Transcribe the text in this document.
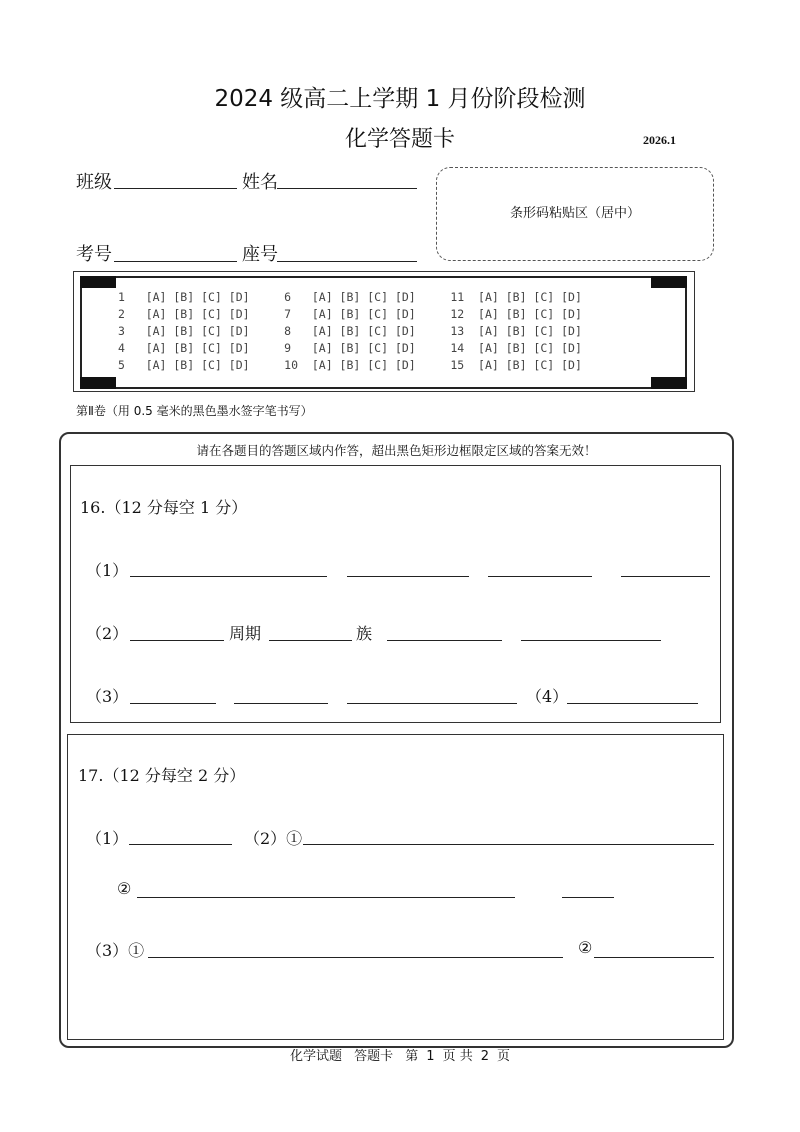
2024 级高二上学期 1 月份阶段检测
化学答题卡	2026.1
班级	姓名
考号	座号
条形码粘贴区（居中）
1   [A] [B] [C] [D]     6   [A] [B] [C] [D]     11  [A] [B] [C] [D]
2   [A] [B] [C] [D]     7   [A] [B] [C] [D]     12  [A] [B] [C] [D]
3   [A] [B] [C] [D]     8   [A] [B] [C] [D]     13  [A] [B] [C] [D]
4   [A] [B] [C] [D]     9   [A] [B] [C] [D]     14  [A] [B] [C] [D]
5   [A] [B] [C] [D]     10  [A] [B] [C] [D]     15  [A] [B] [C] [D]
第Ⅱ卷（用 0.5 毫米的黑色墨水签字笔书写）
请在各题目的答题区域内作答，超出黑色矩形边框限定区域的答案无效！
16.（12 分每空 1 分）
（1）
（2）	周期	族
（3）	（4）
17.（12 分每空 2 分）
（1）	（2）①
②
（3）①	②
化学试题 答题卡 第 1 页 共 2 页
